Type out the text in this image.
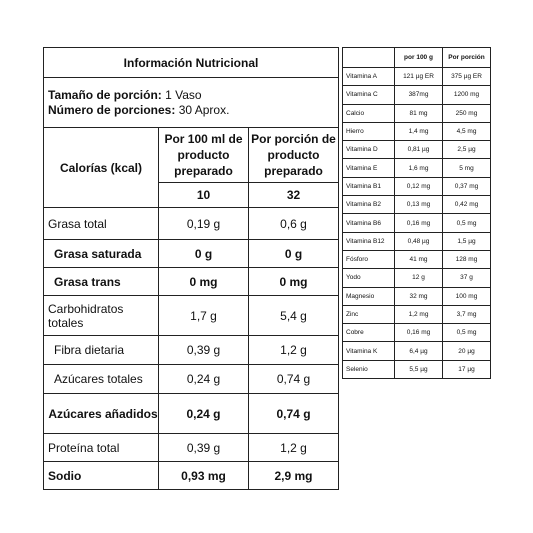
Información Nutricional		
Tamaño de porción: 1 Vaso
Número de porciones: 30 Aprox.		
Calorías (kcal)	Por 100 ml de producto preparado	Por porción de producto preparado
	10	32
Grasa total	0,19 g	0,6 g
Grasa saturada	0 g	0 g
Grasa trans	0 mg	0 mg
Carbohidratos totales	1,7 g	5,4 g
Fibra dietaria	0,39 g	1,2 g
Azúcares totales	0,24 g	0,74 g
Azúcares añadidos	0,24 g	0,74 g
Proteína total	0,39 g	1,2 g
Sodio	0,93 mg	2,9 mg
	por 100 g	Por porción
Vitamina A	121 µg ER	375 µg ER
Vitamina C	387mg	1200 mg
Calcio	81 mg	250 mg
Hierro	1,4 mg	4,5 mg
Vitamina D	0,81 µg	2,5 µg
Vitamina E	1,6 mg	5 mg
Vitamina B1	0,12 mg	0,37 mg
Vitamina B2	0,13 mg	0,42 mg
Vitamina B6	0,16 mg	0,5 mg
Vitamina B12	0,48 µg	1,5 µg
Fósforo	41 mg	128 mg
Yodo	12 g	37 g
Magnesio	32 mg	100 mg
Zinc	1,2 mg	3,7 mg
Cobre	0,16 mg	0,5 mg
Vitamina K	6,4 µg	20 µg
Selenio	5,5 µg	17 µg
